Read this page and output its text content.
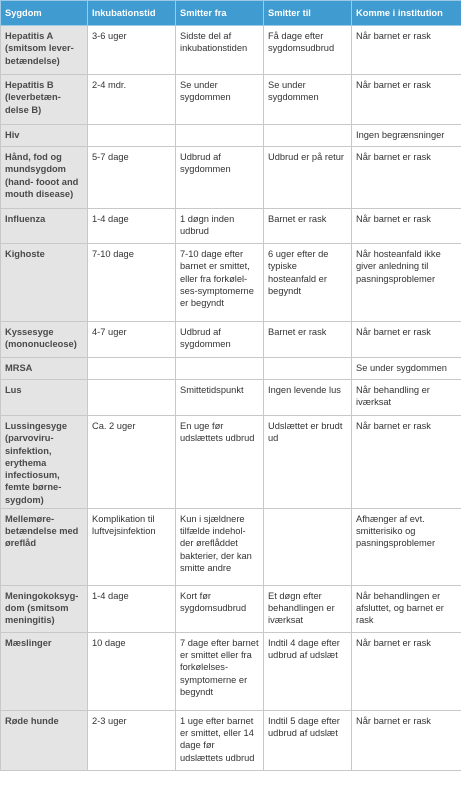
Sygdom	Inkubationstid	Smitter fra	Smitter til	Komme i institution
Hepatitis A (smitsom lever-betændelse)	3-6 uger	Sidste del af inkubationstiden	Få dage efter sygdomsudbrud	Når barnet er rask
Hepatitis B (leverbetæn-delse B)	2-4 mdr.	Se under sygdommen	Se under sygdommen	Når barnet er rask
Hiv				Ingen begrænsninger
Hånd, fod og mundsygdom (hand- fooot and mouth disease)	5-7 dage	Udbrud af sygdommen	Udbrud er på retur	Når barnet er rask
Influenza	1-4 dage	1 døgn inden udbrud	Barnet er rask	Når barnet er rask
Kighoste	7-10 dage	7-10 dage efter barnet er smittet, eller fra forkølel-ses-symptomerne er begyndt	6 uger efter de typiske hosteanfald er begyndt	Når hosteanfald ikke giver anledning til pasningsproblemer
Kyssesyge (mononucleose)	4-7 uger	Udbrud af sygdommen	Barnet er rask	Når barnet er rask
MRSA				Se under sygdommen
Lus		Smittetidspunkt	Ingen levende lus	Når behandling er iværksat
Lussingesyge (parvoviru-sinfektion, erythema infectiosum, femte børne-sygdom)	Ca. 2 uger	En uge før udslættets udbrud	Udslættet er brudt ud	Når barnet er rask
Mellemøre-betændelse med øreflåd	Komplikation til luftvejsinfektion	Kun i sjældnere tilfælde indehol-der øreflåddet bakterier, der kan smitte andre		Afhænger af evt. smitterisiko og pasningsproblemer
Meningokoksyg-dom (smitsom meningitis)	1-4 dage	Kort før sygdomsudbrud	Et døgn efter behandlingen er iværksat	Når behandlingen er afsluttet, og barnet er rask
Mæslinger	10 dage	7 dage efter barnet er smittet eller fra forkølelses-symptomerne er begyndt	Indtil 4 dage efter udbrud af udslæt	Når barnet er rask
Røde hunde	2-3 uger	1 uge efter barnet er smittet, eller 14 dage før udslættets udbrud	Indtil 5 dage efter udbrud af udslæt	Når barnet er rask
